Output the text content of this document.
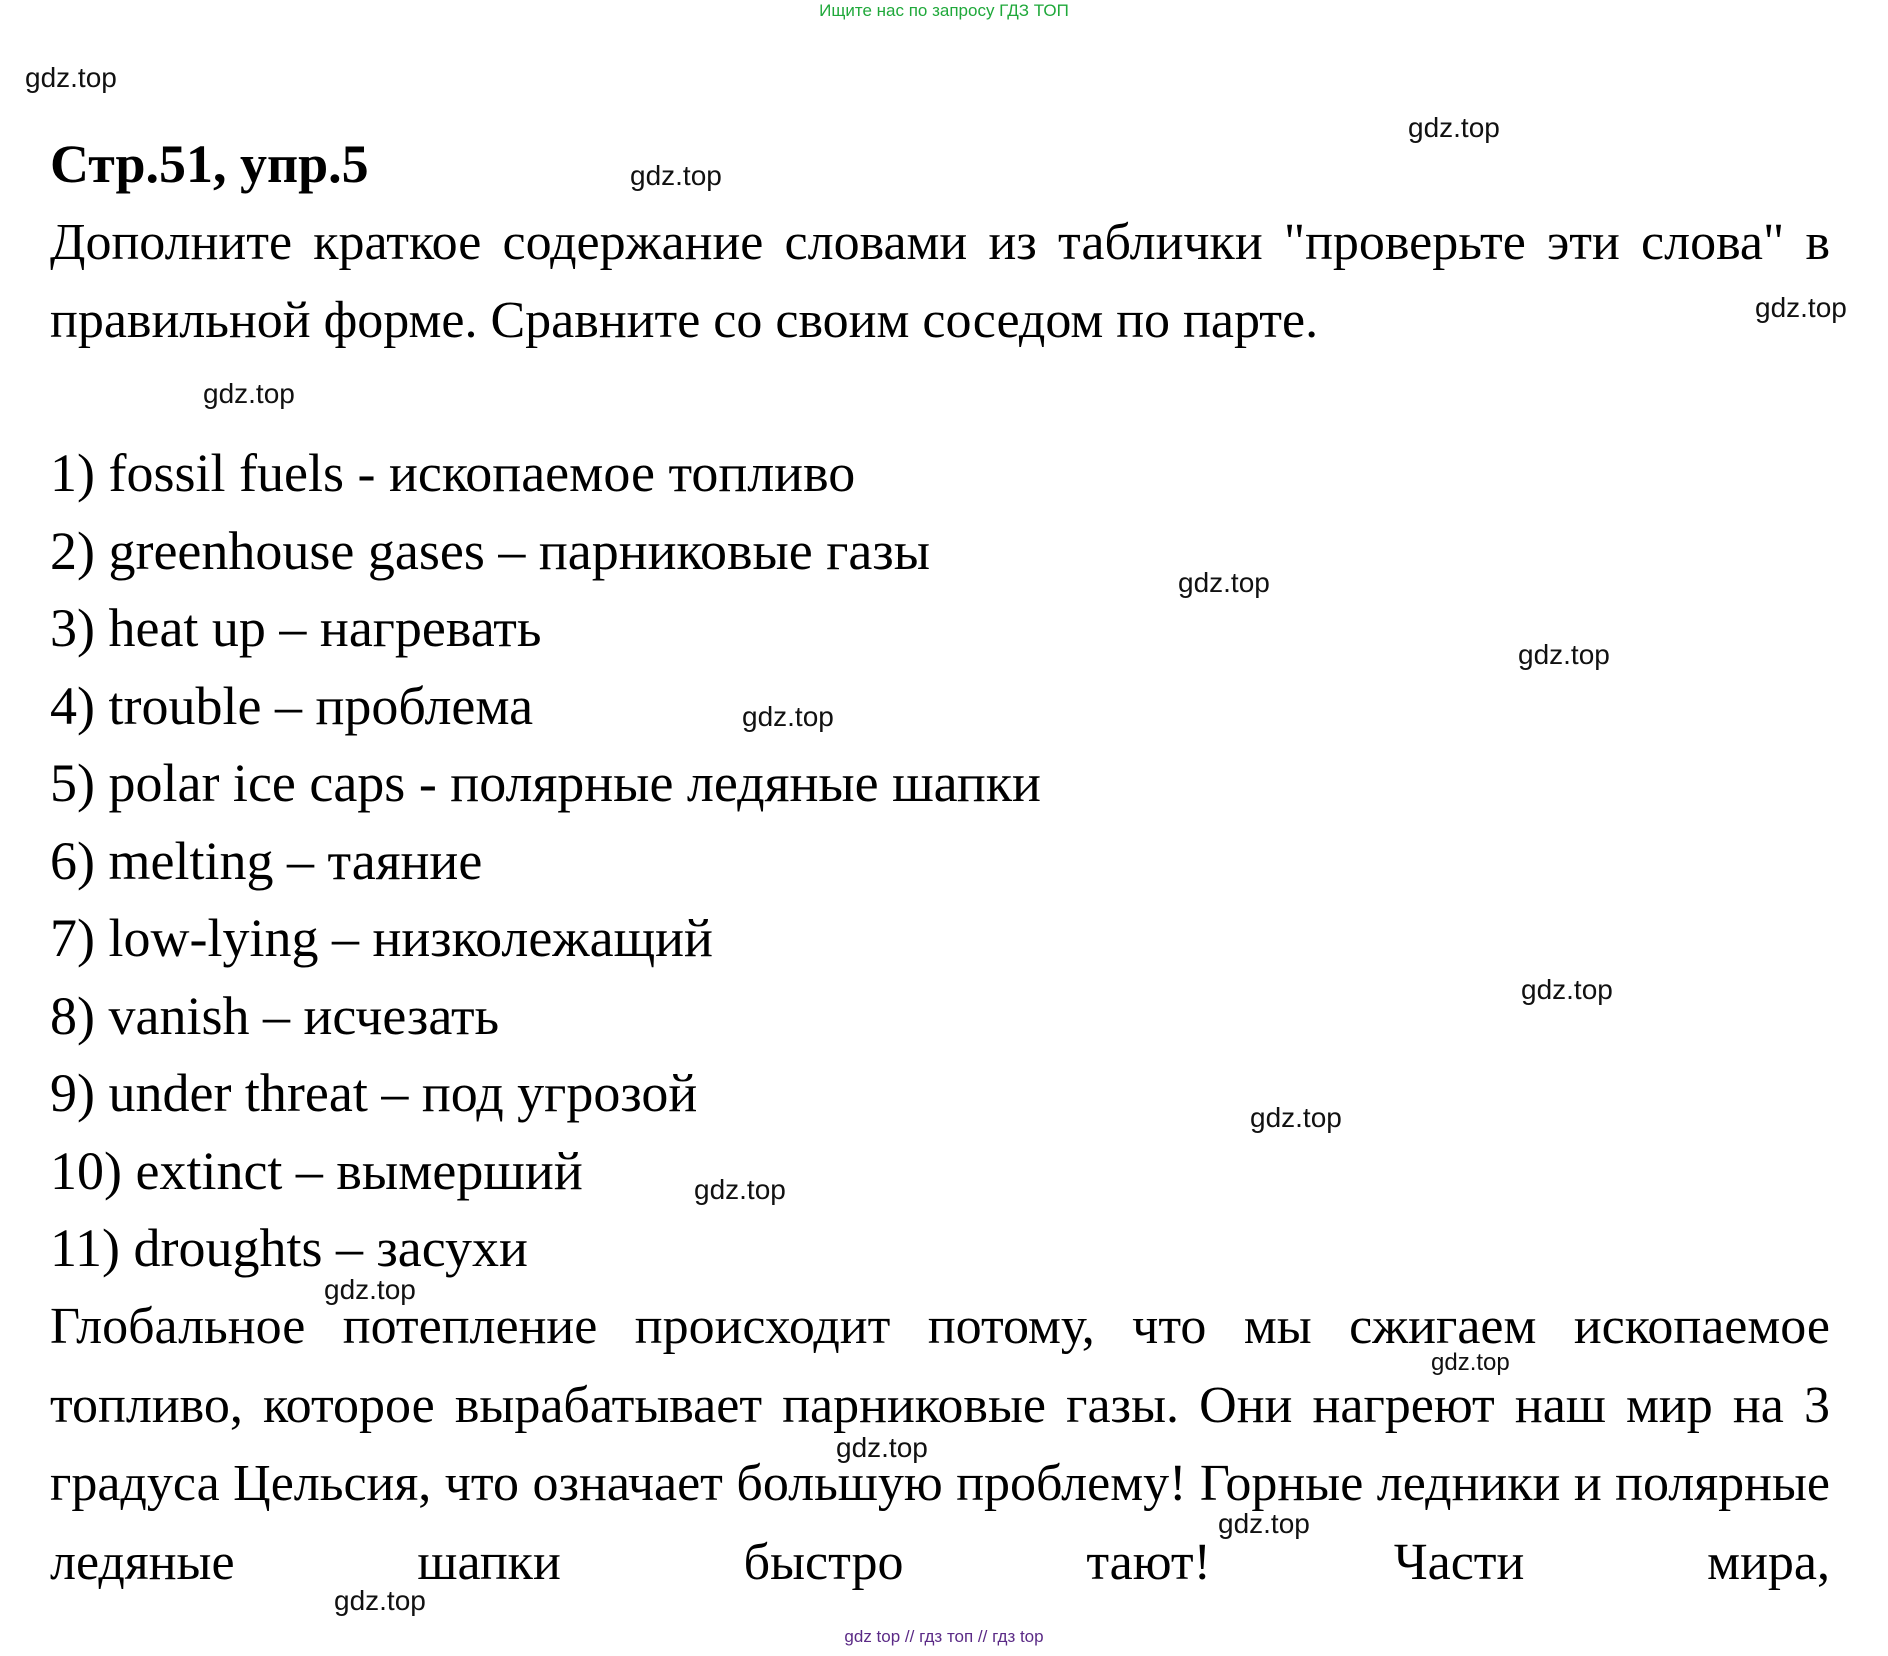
Ищите нас по запросу ГДЗ ТОП
Стр.51, упр.5
Дополните краткое содержание словами из таблички "проверьте эти слова" в правильной форме. Сравните со своим соседом по парте.
1) fossil fuels - ископаемое топливо
2) greenhouse gases – парниковые газы
3) heat up – нагревать
4) trouble – проблема
5) polar ice caps - полярные ледяные шапки
6) melting – таяние
7) low-lying – низколежащий
8) vanish – исчезать
9) under threat – под угрозой
10) extinct – вымерший
11) droughts – засухи
Глобальное потепление происходит потому, что мы сжигаем ископаемое топливо, которое вырабатывает парниковые газы. Они нагреют наш мир на 3 градуса Цельсия, что означает большую проблему! Горные ледники и полярные ледяные шапки быстро тают! Части мира,
gdz.top
gdz.top
gdz.top
gdz.top
gdz.top
gdz.top
gdz.top
gdz.top
gdz.top
gdz.top
gdz.top
gdz.top
gdz.top
gdz.top
gdz.top
gdz.top
gdz top // гдз топ // гдз top
